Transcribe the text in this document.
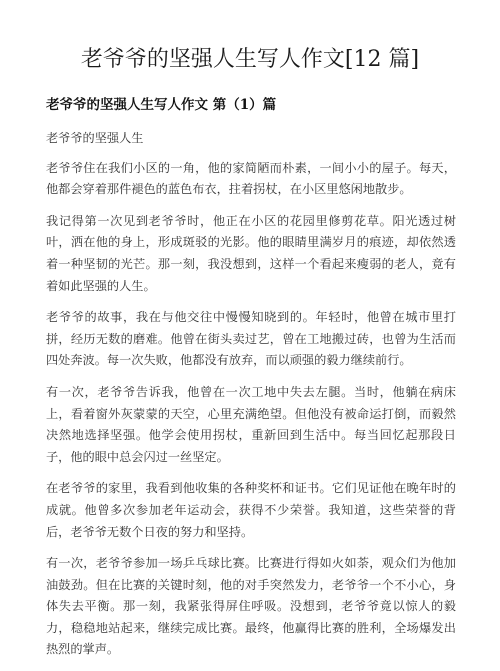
老爷爷的坚强人生写人作文[12 篇]
老爷爷的坚强人生写人作文 第（1）篇

老爷爷的坚强人生

老爷爷住在我们小区的一角，他的家简陋而朴素，一间小小的屋子。每天，他都会穿着那件褪色的蓝色布衣，拄着拐杖，在小区里悠闲地散步。

我记得第一次见到老爷爷时，他正在小区的花园里修剪花草。阳光透过树叶，洒在他的身上，形成斑驳的光影。他的眼睛里满岁月的痕迹，却依然透着一种坚韧的光芒。那一刻，我没想到，这样一个看起来瘦弱的老人，竟有着如此坚强的人生。

老爷爷的故事，我在与他交往中慢慢知晓到的。年轻时，他曾在城市里打拼，经历无数的磨难。他曾在街头卖过艺，曾在工地搬过砖，也曾为生活而四处奔波。每一次失败，他都没有放弃，而以顽强的毅力继续前行。

有一次，老爷爷告诉我，他曾在一次工地中失去左腿。当时，他躺在病床上，看着窗外灰蒙蒙的天空，心里充满绝望。但他没有被命运打倒，而毅然决然地选择坚强。他学会使用拐杖，重新回到生活中。每当回忆起那段日子，他的眼中总会闪过一丝坚定。

在老爷爷的家里，我看到他收集的各种奖杯和证书。它们见证他在晚年时的成就。他曾多次参加老年运动会，获得不少荣誉。我知道，这些荣誉的背后，老爷爷无数个日夜的努力和坚持。

有一次，老爷爷参加一场乒乓球比赛。比赛进行得如火如荼，观众们为他加油鼓劲。但在比赛的关键时刻，他的对手突然发力，老爷爷一个不小心，身体失去平衡。那一刻，我紧张得屏住呼吸。没想到，老爷爷竟以惊人的毅力，稳稳地站起来，继续完成比赛。最终，他赢得比赛的胜利，全场爆发出热烈的掌声。
